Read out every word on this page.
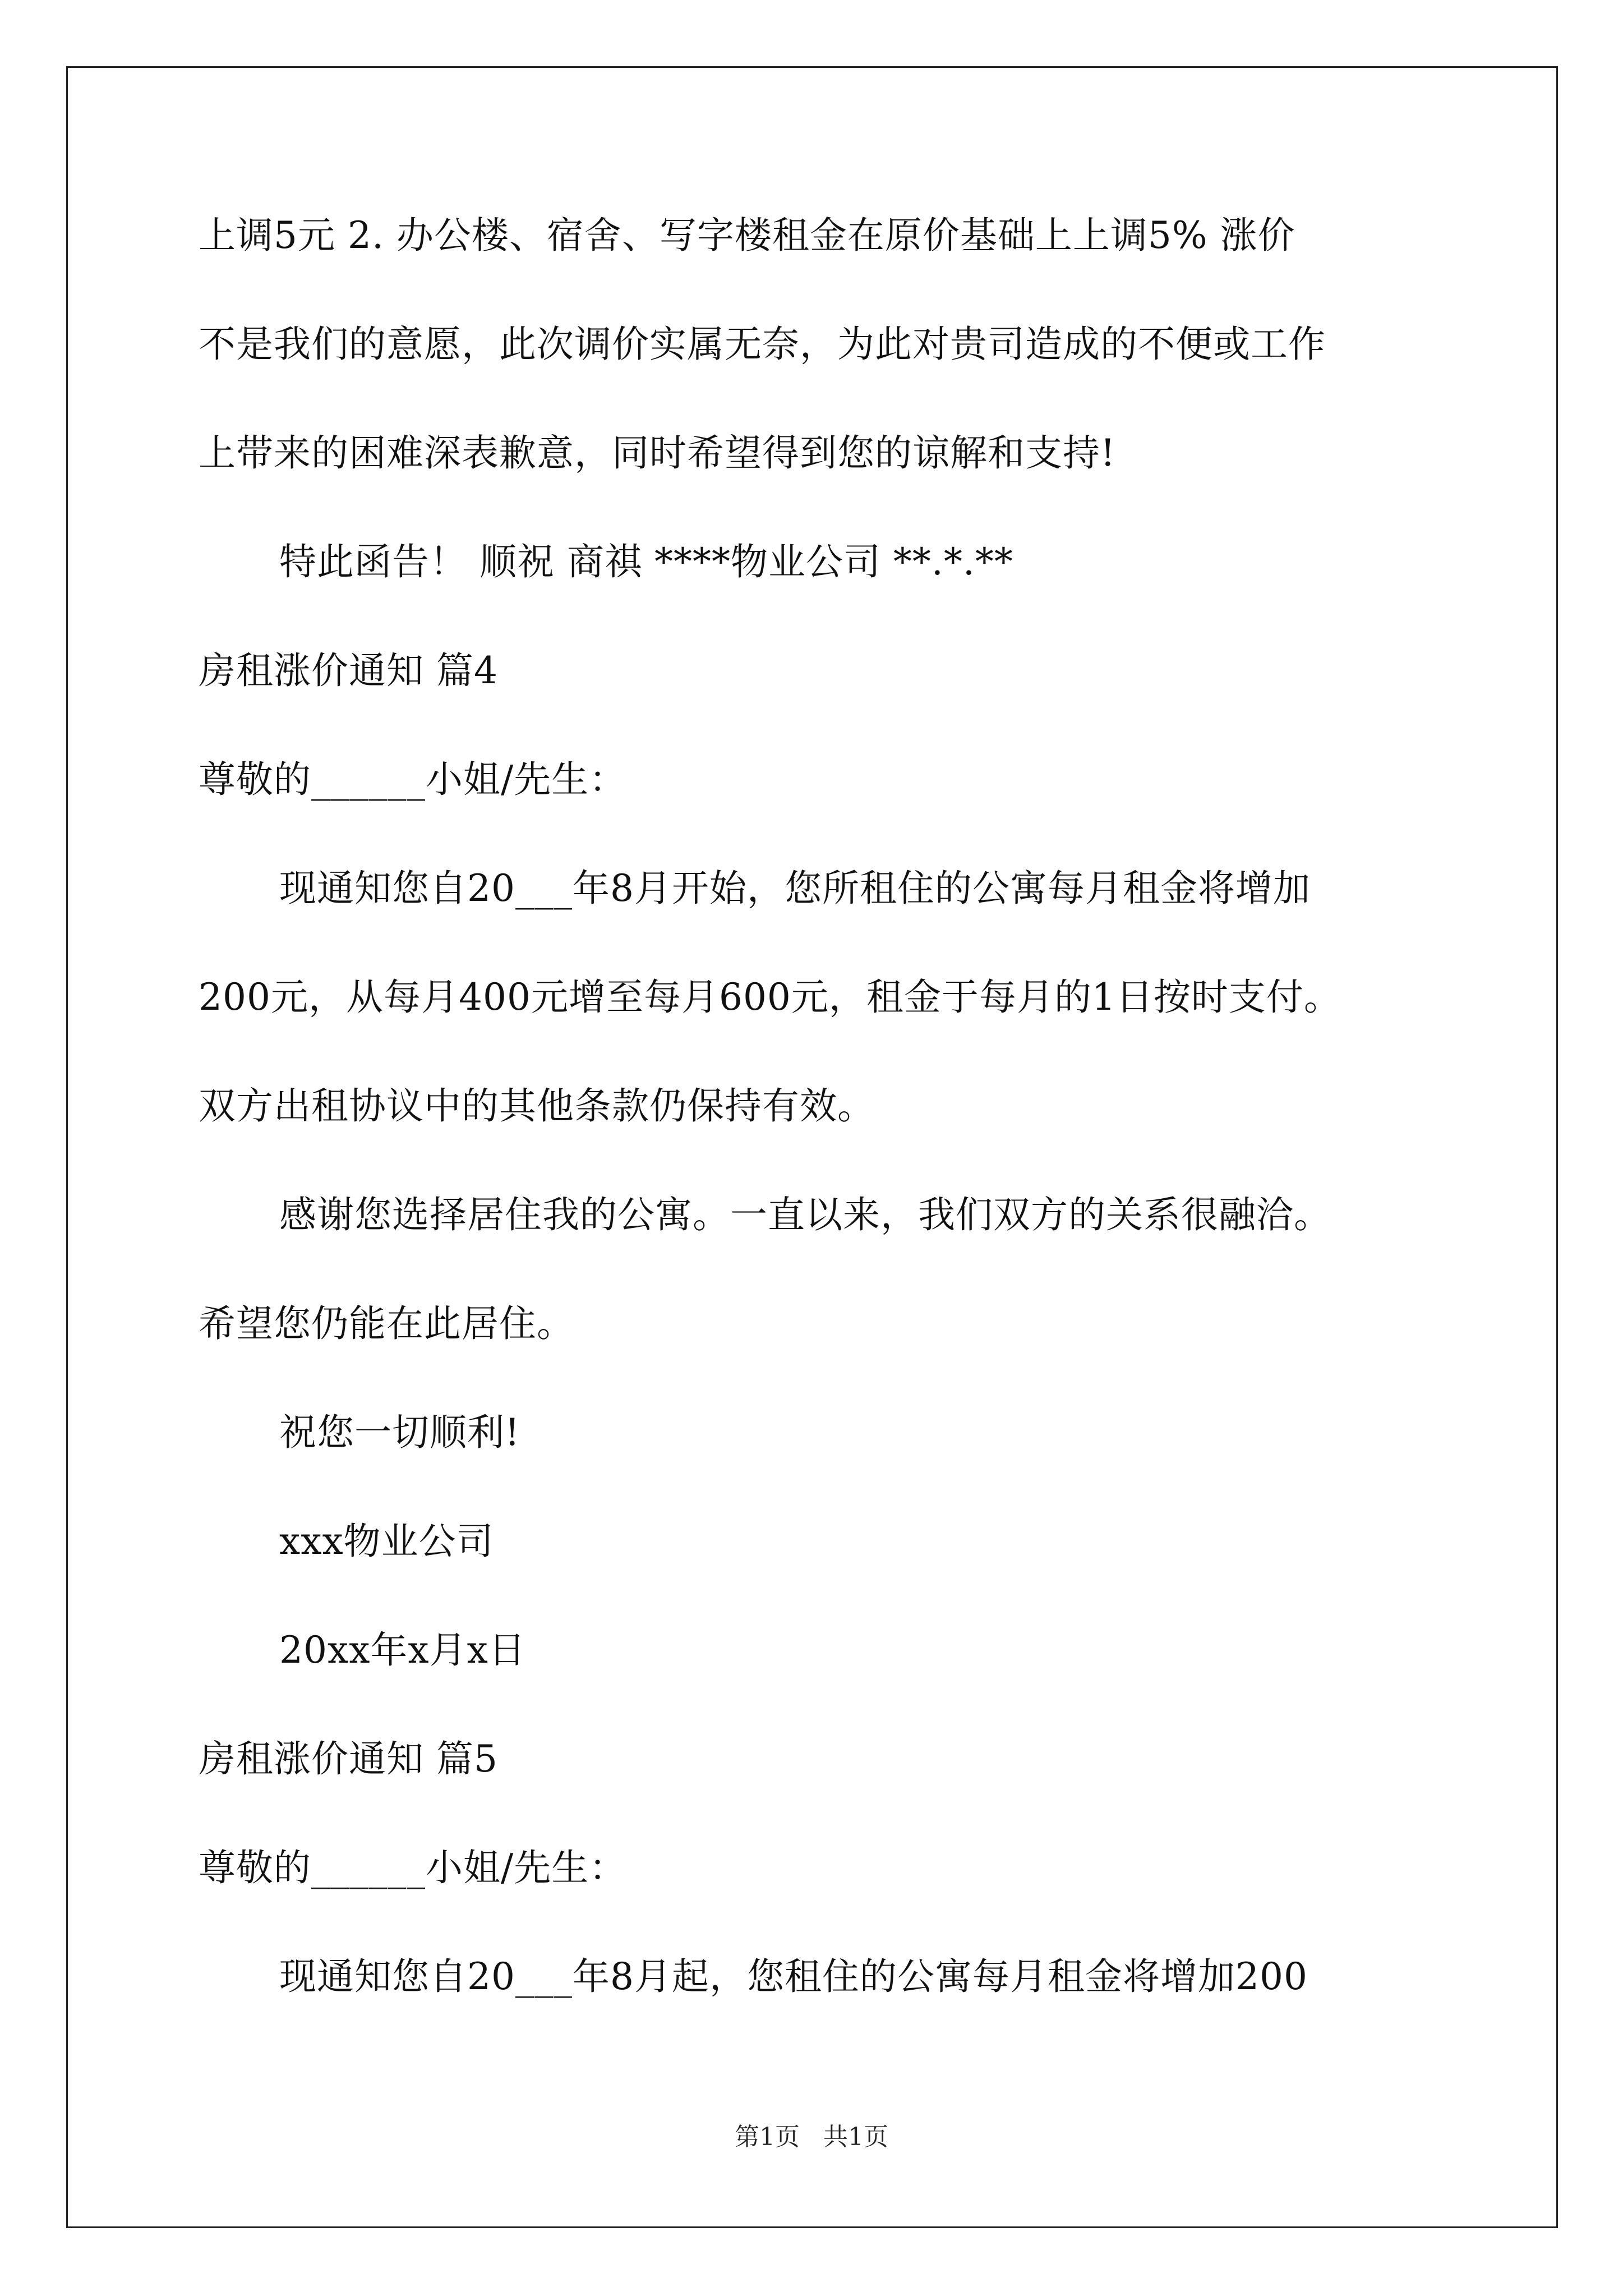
上调5元 2. 办公楼、宿舍、写字楼租金在原价基础上上调5% 涨价
不是我们的意愿，此次调价实属无奈，为此对贵司造成的不便或工作
上带来的困难深表歉意，同时希望得到您的谅解和支持!
特此函告！ 顺祝 商祺 ****物业公司 **.*.**
房租涨价通知 篇4
尊敬的______小姐/先生：
现通知您自20___年8月开始，您所租住的公寓每月租金将增加
200元，从每月400元增至每月600元，租金于每月的1日按时支付。
双方出租协议中的其他条款仍保持有效。
感谢您选择居住我的公寓。一直以来，我们双方的关系很融洽。
希望您仍能在此居住。
祝您一切顺利!
xxx物业公司
20xx年x月x日
房租涨价通知 篇5
尊敬的______小姐/先生：
现通知您自20___年8月起，您租住的公寓每月租金将增加200
第1页   共1页
